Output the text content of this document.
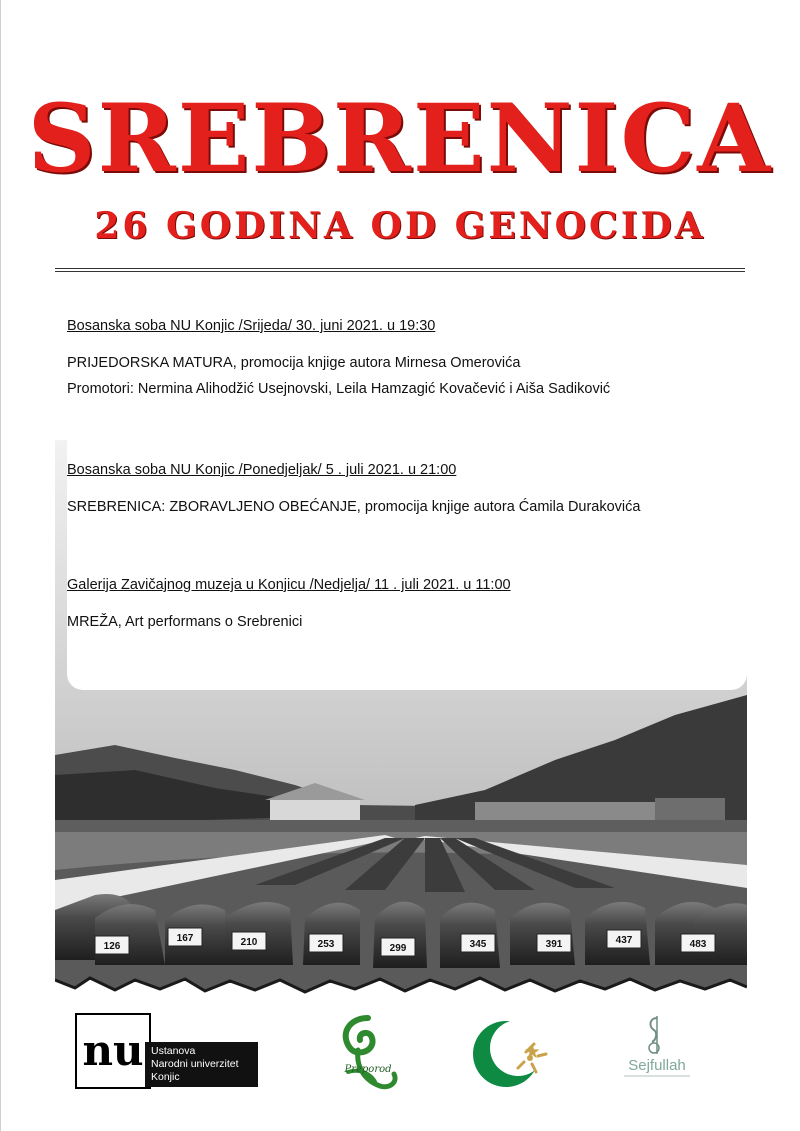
SREBRENICA
26 GODINA OD GENOCIDA
126
167	210	253	299	345	391	437	483

Bosanska soba NU Konjic /Srijeda/ 30. juni 2021. u 19:30

PRIJEDORSKA MATURA, promocija knjige autora Mirnesa Omerovića

Promotori: Nermina Alihodžić Usejnovski, Leila Hamzagić Kovačević i Aiša Sadiković

Bosanska soba NU Konjic /Ponedjeljak/ 5 . juli 2021. u 21:00

SREBRENICA: ZBORAVLJENO OBEĆANJE, promocija knjige autora Ćamila Durakovića

Galerija Zavičajnog muzeja u Konjicu /Nedjelja/ 11 . juli 2021. u 11:00

MREŽA, Art performans o Srebrenici

nu Ustanova
Narodni univerzitet
Konjic
Preporod	Sejfullah
